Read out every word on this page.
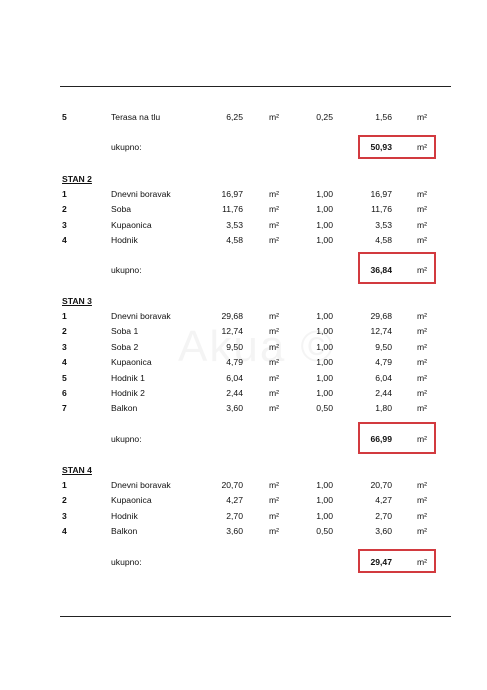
5	Terasa na tlu	6,25	m²	0,25	1,56	m²
ukupno:	50,93	m²
STAN 2
1	Dnevni boravak	16,97	m²	1,00	16,97	m²
2	Soba	11,76	m²	1,00	11,76	m²
3	Kupaonica	3,53	m²	1,00	3,53	m²
4	Hodnik	4,58	m²	1,00	4,58	m²
ukupno:	36,84	m²
STAN 3
1	Dnevni boravak	29,68	m²	1,00	29,68	m²
2	Soba 1	12,74	m²	1,00	12,74	m²
3	Soba 2	9,50	m²	1,00	9,50	m²
4	Kupaonica	4,79	m²	1,00	4,79	m²
5	Hodnik 1	6,04	m²	1,00	6,04	m²
6	Hodnik 2	2,44	m²	1,00	2,44	m²
7	Balkon	3,60	m²	0,50	1,80	m²
ukupno:	66,99	m²
STAN 4
1	Dnevni boravak	20,70	m²	1,00	20,70	m²
2	Kupaonica	4,27	m²	1,00	4,27	m²
3	Hodnik	2,70	m²	1,00	2,70	m²
4	Balkon	3,60	m²	0,50	3,60	m²
ukupno:	29,47	m²
